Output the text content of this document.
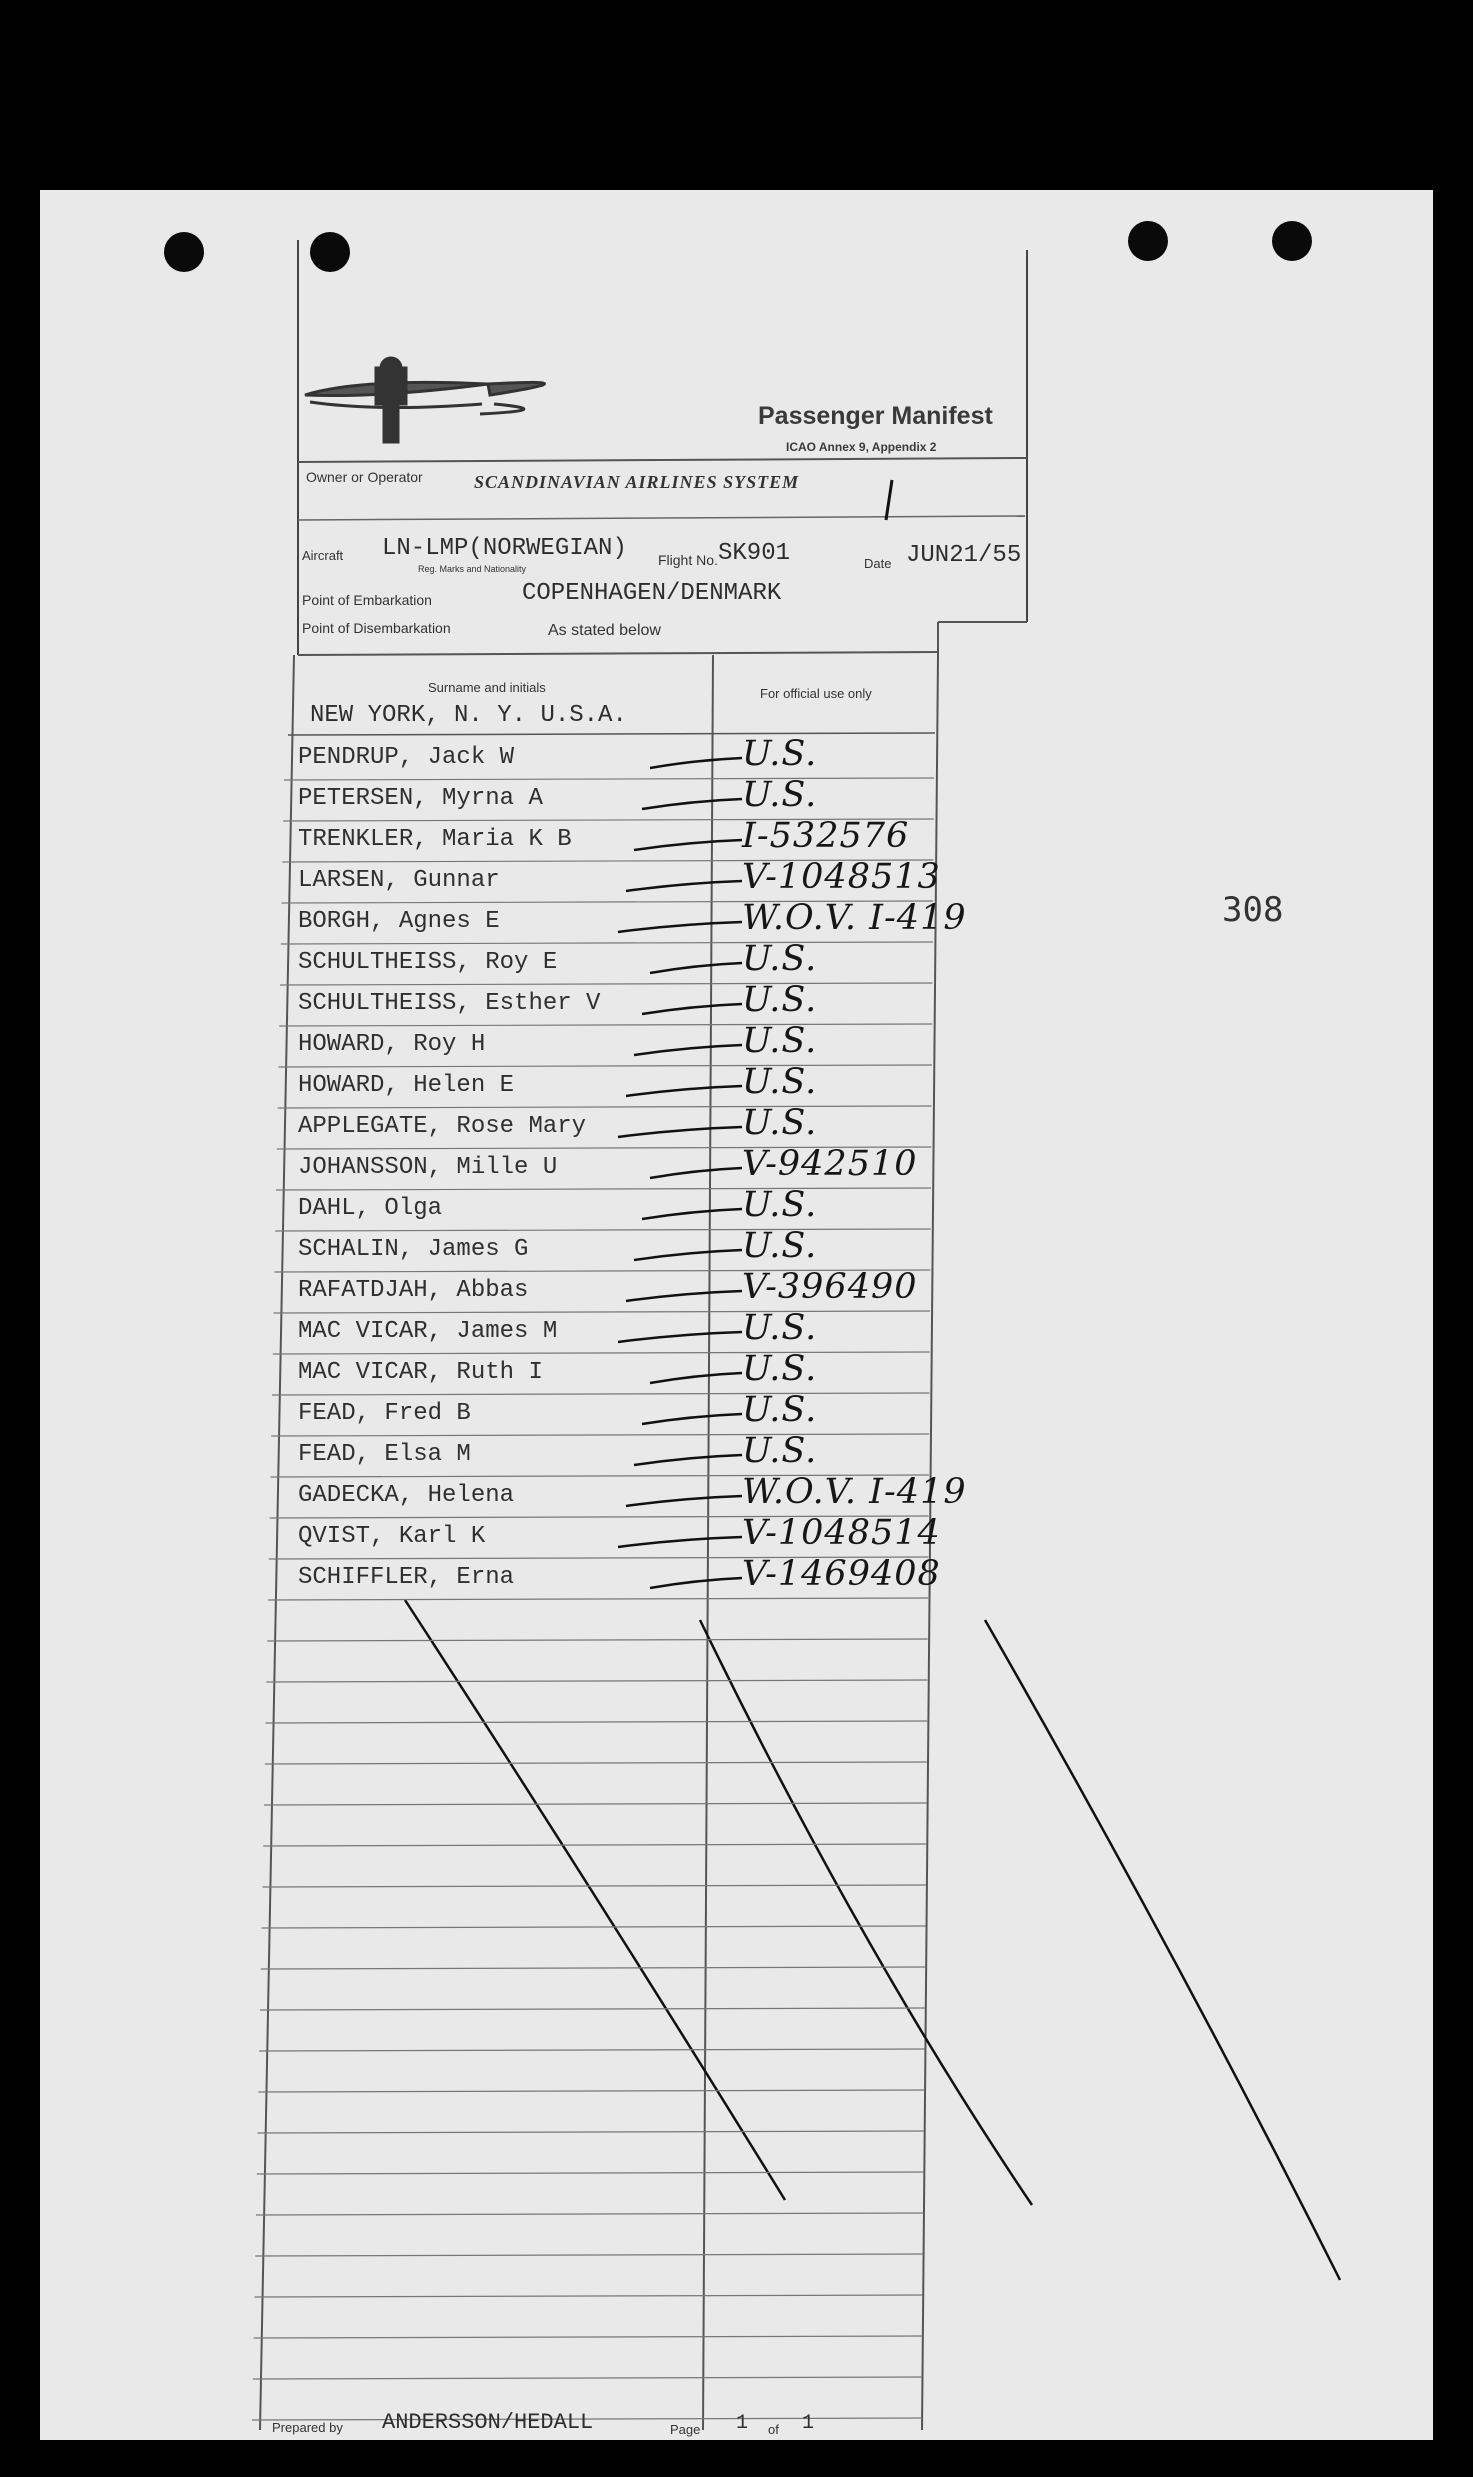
308
Passenger Manifest
ICAO Annex 9, Appendix 2
Owner or Operator	SCANDINAVIAN AIRLINES SYSTEM
Aircraft LN-LMP(NORWEGIAN)
Reg. Marks and Nationality
Flight No. SK901	Date JUN21/55
Point of Embarkation	COPENHAGEN/DENMARK
Point of Disembarkation	As stated below
Surname and initials	For official use only
NEW YORK, N. Y. U.S.A.
PENDRUP, Jack W	U.S.
PETERSEN, Myrna A	U.S.
TRENKLER, Maria K B	I-532576
LARSEN, Gunnar	V-1048513
BORGH, Agnes E	W.O.V. I-419
SCHULTHEISS, Roy E	U.S.
SCHULTHEISS, Esther V	U.S.
HOWARD, Roy H	U.S.
HOWARD, Helen E	U.S.
APPLEGATE, Rose Mary	U.S.
JOHANSSON, Mille U	V-942510
DAHL, Olga	U.S.
SCHALIN, James G	U.S.
RAFATDJAH, Abbas	V-396490
MAC VICAR, James M	U.S.
MAC VICAR, Ruth I	U.S.
FEAD, Fred B	U.S.
FEAD, Elsa M	U.S.
GADECKA, Helena	W.O.V. I-419
QVIST, Karl K	V-1048514
SCHIFFLER, Erna	V-1469408
Prepared by ANDERSSON/HEDALL	Page 1 of 1
